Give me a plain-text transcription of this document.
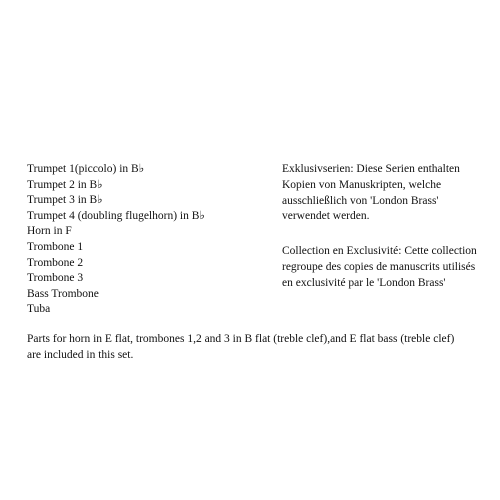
Trumpet 1(piccolo) in B♭
Trumpet 2 in B♭
Trumpet 3 in B♭
Trumpet 4 (doubling flugelhorn) in B♭
Horn in F
Trombone 1
Trombone 2
Trombone 3
Bass Trombone
Tuba
Exklusivserien: Diese Serien enthalten
Kopien von Manuskripten, welche
ausschließlich von 'London Brass'
verwendet werden.
Collection en Exclusivité: Cette collection
regroupe des copies de manuscrits utilisés
en exclusivité par le 'London Brass'
Parts for horn in E flat, trombones 1,2 and 3 in B flat (treble clef),and E flat bass (treble clef)
are included in this set.
